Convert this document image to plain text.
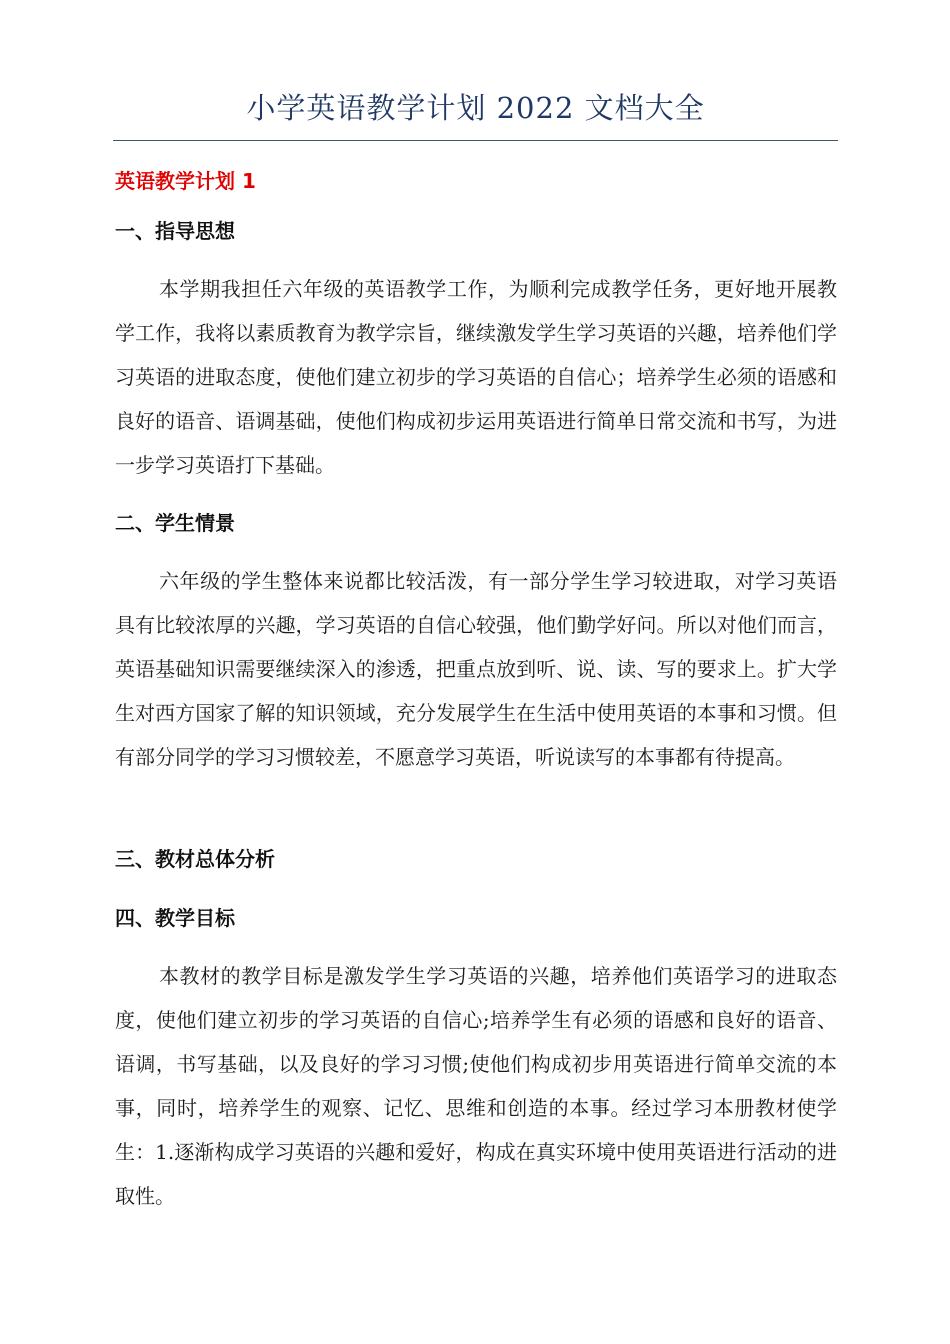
小学英语教学计划 2022 文档大全
英语教学计划 1
一、指导思想

本学期我担任六年级的英语教学工作，为顺利完成教学任务，更好地开展教学工作，我将以素质教育为教学宗旨，继续激发学生学习英语的兴趣，培养他们学习英语的进取态度，使他们建立初步的学习英语的自信心；培养学生必须的语感和良好的语音、语调基础，使他们构成初步运用英语进行简单日常交流和书写，为进一步学习英语打下基础。

二、学生情景

六年级的学生整体来说都比较活泼，有一部分学生学习较进取，对学习英语具有比较浓厚的兴趣，学习英语的自信心较强，他们勤学好问。所以对他们而言，英语基础知识需要继续深入的渗透，把重点放到听、说、读、写的要求上。扩大学生对西方国家了解的知识领域，充分发展学生在生活中使用英语的本事和习惯。但有部分同学的学习习惯较差，不愿意学习英语，听说读写的本事都有待提高。

三、教材总体分析
四、教学目标

本教材的教学目标是激发学生学习英语的兴趣，培养他们英语学习的进取态度，使他们建立初步的学习英语的自信心;培养学生有必须的语感和良好的语音、语调，书写基础，以及良好的学习习惯;使他们构成初步用英语进行简单交流的本事，同时，培养学生的观察、记忆、思维和创造的本事。经过学习本册教材使学生：1.逐渐构成学习英语的兴趣和爱好，构成在真实环境中使用英语进行活动的进取性。
